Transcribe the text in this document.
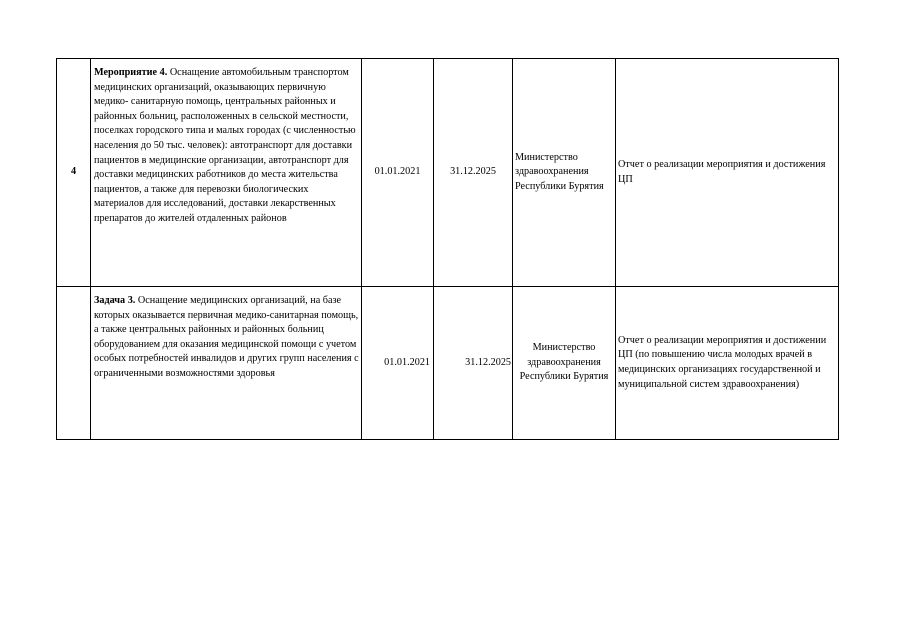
4	Мероприятие 4. Оснащение автомобильным транспортом медицинских организаций, оказывающих первичную медико- санитарную помощь, центральных районных и районных больниц, расположенных в сельской местности, поселках городского типа и малых городах (с численностью населения до 50 тыс. человек): автотранспорт для доставки пациентов в медицинские организации, автотранспорт для доставки медицинских работников до места жительства пациентов, а также для перевозки биологических материалов для исследований, доставки лекарственных препаратов до жителей отдаленных районов	01.01.2021	31.12.2025	Министерство здравоохранения Республики Бурятия	Отчет о реализации мероприятия и достижения ЦП
	Задача 3. Оснащение медицинских организаций, на базе которых оказывается первичная медико-санитарная помощь, а также центральных районных и районных больниц оборудованием для оказания медицинской помощи с учетом особых потребностей инвалидов и других групп населения с ограниченными возможностями здоровья	01.01.2021	31.12.2025	Министерство здравоохранения Республики Бурятия	Отчет о реализации мероприятия и достижении ЦП (по повышению числа молодых врачей в медицинских организациях государственной и муниципальной систем здравоохранения)
